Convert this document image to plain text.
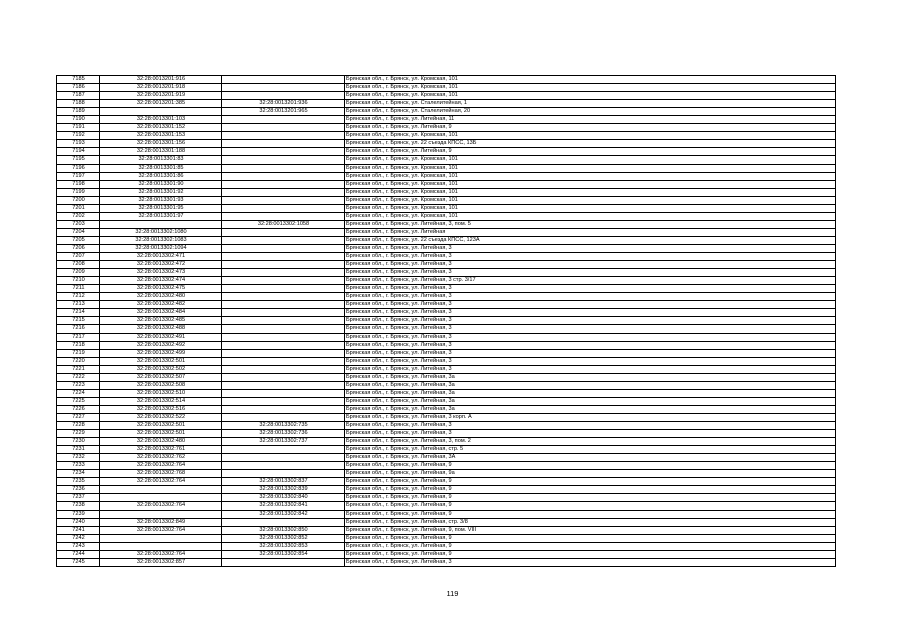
7185	32:28:0013201:916		Брянская обл., г. Брянск, ул. Кромская, 101
7186	32:28:0013201:918		Брянская обл., г. Брянск, ул. Кромская, 101
7187	32:28:0013201:919		Брянская обл., г. Брянск, ул. Кромская, 101
7188	32:28:0013201:385	32:28:0013201:936	Брянская обл., г. Брянск, ул. Сталелитейная, 1
7189		32:28:0013201:965	Брянская обл., г. Брянск, ул. Сталелитейная, 20
7190	32:28:0013301:103		Брянская обл., г. Брянск, ул. Литейная, 11
7191	32:28:0013301:152		Брянская обл., г. Брянск, ул. Литейная, 9
7192	32:28:0013301:153		Брянская обл., г. Брянск, ул. Кромская, 101
7193	32:28:0013301:156		Брянская обл., г. Брянск, ул. 22 съезда КПСС, 13Б
7194	32:28:0013301:188		Брянская обл., г. Брянск, ул. Литейная, 9
7195	32:28:0013301:83		Брянская обл., г. Брянск, ул. Кромская, 101
7196	32:28:0013301:85		Брянская обл., г. Брянск, ул. Кромская, 101
7197	32:28:0013301:86		Брянская обл., г. Брянск, ул. Кромская, 101
7198	32:28:0013301:90		Брянская обл., г. Брянск, ул. Кромская, 101
7199	32:28:0013301:92		Брянская обл., г. Брянск, ул. Кромская, 101
7200	32:28:0013301:93		Брянская обл., г. Брянск, ул. Кромская, 101
7201	32:28:0013301:95		Брянская обл., г. Брянск, ул. Кромская, 101
7202	32:28:0013301:97		Брянская обл., г. Брянск, ул. Кромская, 101
7203		32:28:0013302:1058	Брянская обл., г. Брянск, ул. Литейная, 3, пом. 5
7204	32:28:0013302:1080		Брянская обл., г. Брянск, ул. Литейная
7205	32:28:0013302:1083		Брянская обл., г. Брянск, ул. 22 съезда КПСС, 123А
7206	32:28:0013302:1094		Брянская обл., г. Брянск, ул. Литейная, 3
7207	32:28:0013302:471		Брянская обл., г. Брянск, ул. Литейная, 3
7208	32:28:0013302:472		Брянская обл., г. Брянск, ул. Литейная, 3
7209	32:28:0013302:473		Брянская обл., г. Брянск, ул. Литейная, 3
7210	32:28:0013302:474		Брянская обл., г. Брянск, ул. Литейная, 3 стр. 3/17
7211	32:28:0013302:475		Брянская обл., г. Брянск, ул. Литейная, 3
7212	32:28:0013302:480		Брянская обл., г. Брянск, ул. Литейная, 3
7213	32:28:0013302:482		Брянская обл., г. Брянск, ул. Литейная, 3
7214	32:28:0013302:484		Брянская обл., г. Брянск, ул. Литейная, 3
7215	32:28:0013302:485		Брянская обл., г. Брянск, ул. Литейная, 3
7216	32:28:0013302:488		Брянская обл., г. Брянск, ул. Литейная, 3
7217	32:28:0013302:491		Брянская обл., г. Брянск, ул. Литейная, 3
7218	32:28:0013302:492		Брянская обл., г. Брянск, ул. Литейная, 3
7219	32:28:0013302:499		Брянская обл., г. Брянск, ул. Литейная, 3
7220	32:28:0013302:501		Брянская обл., г. Брянск, ул. Литейная, 3
7221	32:28:0013302:502		Брянская обл., г. Брянск, ул. Литейная, 3
7222	32:28:0013302:507		Брянская обл., г. Брянск, ул. Литейная, 3а
7223	32:28:0013302:508		Брянская обл., г. Брянск, ул. Литейная, 3а
7224	32:28:0013302:510		Брянская обл., г. Брянск, ул. Литейная, 3а
7225	32:28:0013302:514		Брянская обл., г. Брянск, ул. Литейная, 3а
7226	32:28:0013302:516		Брянская обл., г. Брянск, ул. Литейная, 3а
7227	32:28:0013302:522		Брянская обл., г. Брянск, ул. Литейная, 3 корп. А
7228	32:28:0013302:501	32:28:0013302:735	Брянская обл., г. Брянск, ул. Литейная, 3
7229	32:28:0013302:501	32:28:0013302:736	Брянская обл., г. Брянск, ул. Литейная, 3
7230	32:28:0013302:480	32:28:0013302:737	Брянская обл., г. Брянск, ул. Литейная, 3, пом. 2
7231	32:28:0013302:761		Брянская обл., г. Брянск, ул. Литейная, стр. 5
7232	32:28:0013302:762		Брянская обл., г. Брянск, ул. Литейная, 3А
7233	32:28:0013302:764		Брянская обл., г. Брянск, ул. Литейная, 9
7234	32:28:0013302:768		Брянская обл., г. Брянск, ул. Литейная, 9а
7235	32:28:0013302:764	32:28:0013302:837	Брянская обл., г. Брянск, ул. Литейная, 9
7236		32:28:0013302:839	Брянская обл., г. Брянск, ул. Литейная, 9
7237		32:28:0013302:840	Брянская обл., г. Брянск, ул. Литейная, 9
7238	32:28:0013302:764	32:28:0013302:841	Брянская обл., г. Брянск, ул. Литейная, 9
7239		32:28:0013302:842	Брянская обл., г. Брянск, ул. Литейная, 9
7240	32:28:0013302:849		Брянская обл., г. Брянск, ул. Литейная, стр. 3/8
7241	32:28:0013302:764	32:28:0013302:850	Брянская обл., г. Брянск, ул. Литейная, 9, пом. VIII
7242		32:28:0013302:852	Брянская обл., г. Брянск, ул. Литейная, 9
7243		32:28:0013302:853	Брянская обл., г. Брянск, ул. Литейная, 9
7244	32:28:0013302:764	32:28:0013302:854	Брянская обл., г. Брянск, ул. Литейная, 9
7245	32:28:0013302:857		Брянская обл., г. Брянск, ул. Литейная, 3
119
